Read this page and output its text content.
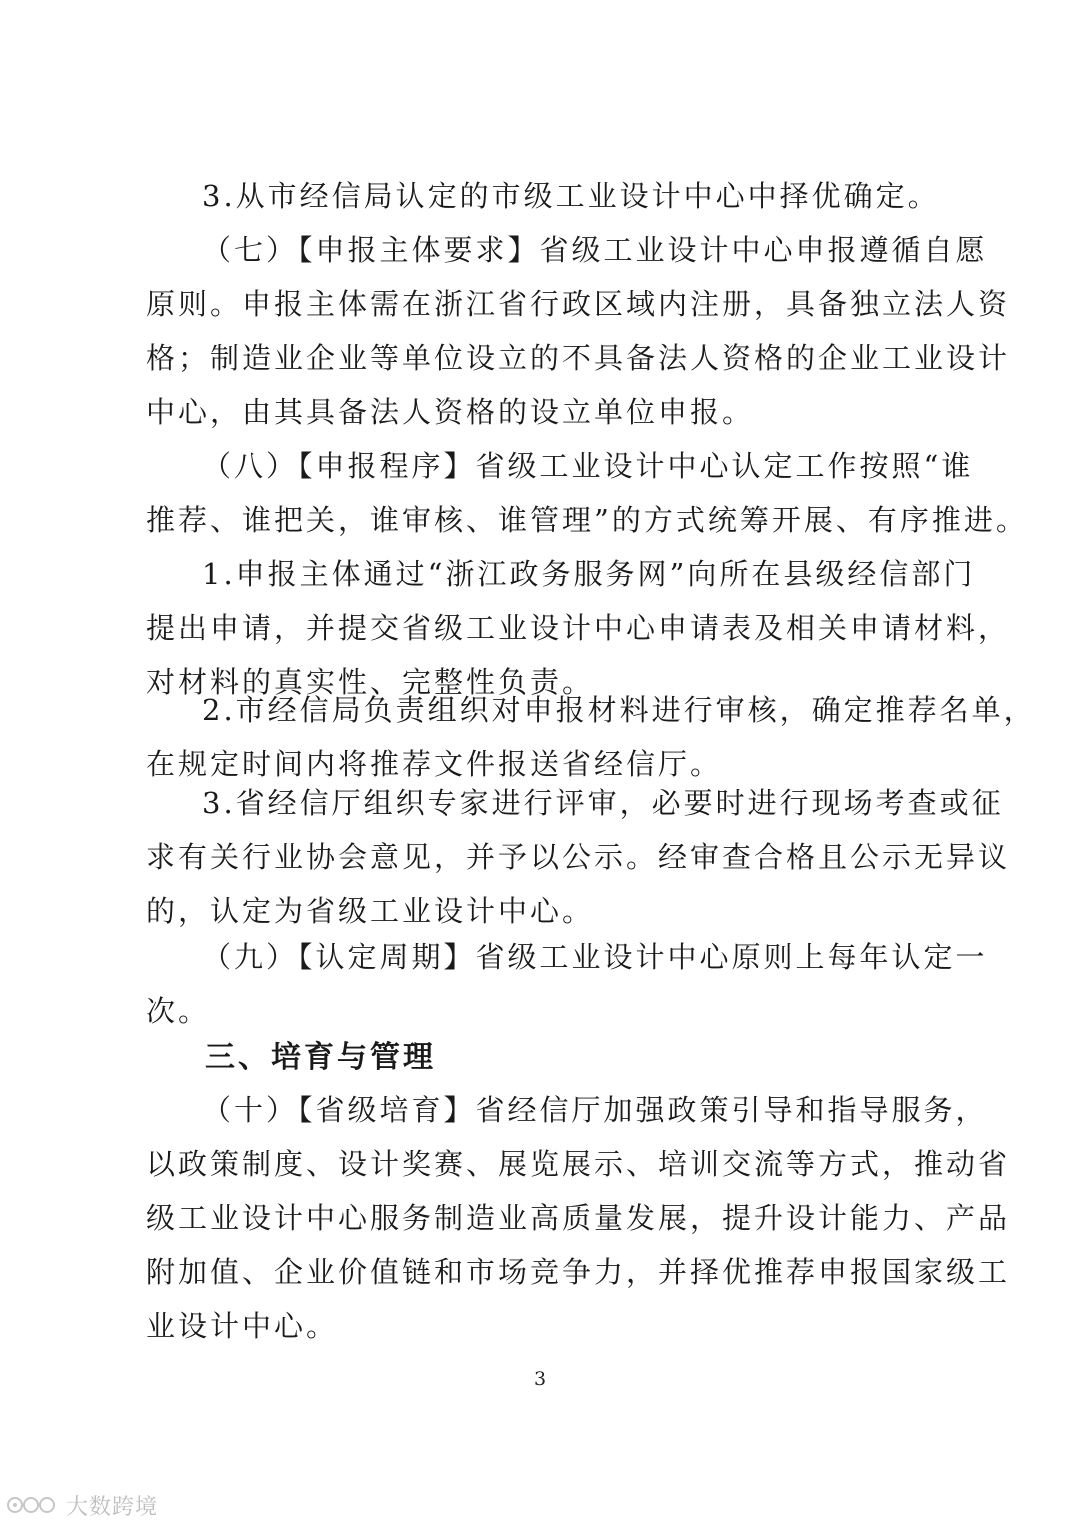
3.从市经信局认定的市级工业设计中心中择优确定。
（七）【申报主体要求】省级工业设计中心申报遵循自愿
原则。申报主体需在浙江省行政区域内注册，具备独立法人资
格；制造业企业等单位设立的不具备法人资格的企业工业设计
中心，由其具备法人资格的设立单位申报。
（八）【申报程序】省级工业设计中心认定工作按照“谁
推荐、谁把关，谁审核、谁管理”的方式统筹开展、有序推进。
1.申报主体通过“浙江政务服务网”向所在县级经信部门
提出申请，并提交省级工业设计中心申请表及相关申请材料，
对材料的真实性、完整性负责。
2.市经信局负责组织对申报材料进行审核，确定推荐名单，
在规定时间内将推荐文件报送省经信厅。
3.省经信厅组织专家进行评审，必要时进行现场考查或征
求有关行业协会意见，并予以公示。经审查合格且公示无异议
的，认定为省级工业设计中心。
（九）【认定周期】省级工业设计中心原则上每年认定一
次。
三、培育与管理
（十）【省级培育】省经信厅加强政策引导和指导服务，
以政策制度、设计奖赛、展览展示、培训交流等方式，推动省
级工业设计中心服务制造业高质量发展，提升设计能力、产品
附加值、企业价值链和市场竞争力，并择优推荐申报国家级工
业设计中心。
3
大数跨境
